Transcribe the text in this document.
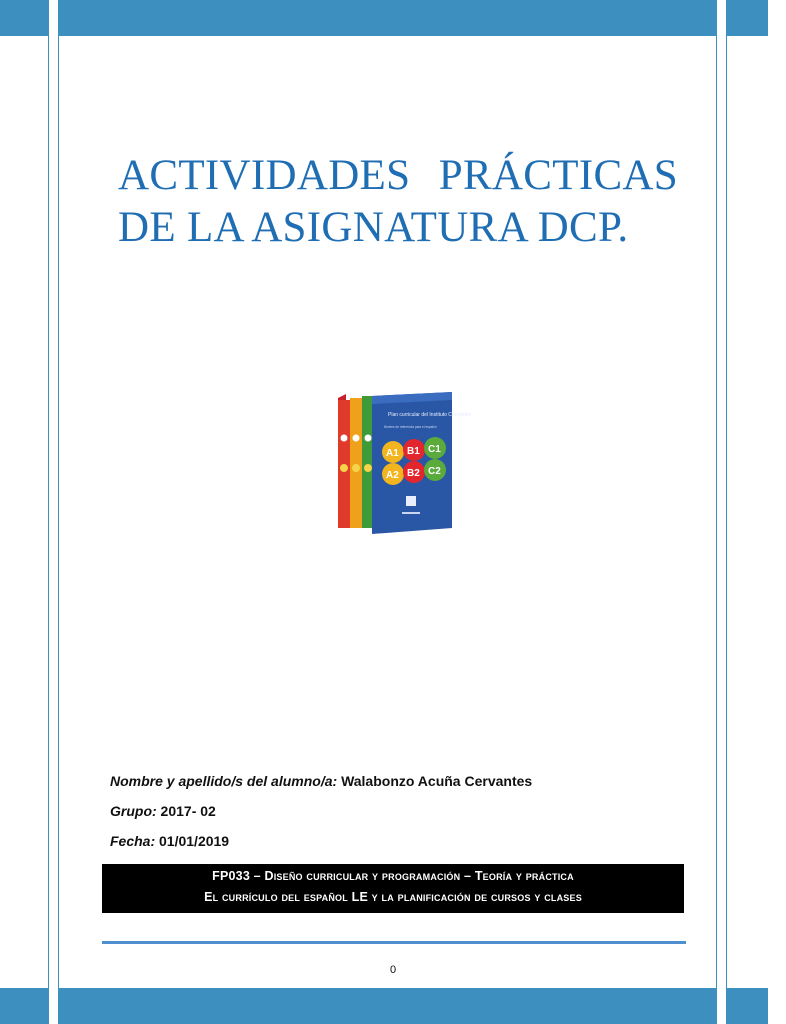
ACTIVIDADES PRÁCTICAS
DE LA ASIGNATURA DCP.
Plan curricular del Instituto Cervantes
Niveles de referencia para el español
A1 B1 C1
A2 B2 C2
Nombre y apellido/s del alumno/a: Walabonzo Acuña Cervantes
Grupo: 2017- 02
Fecha: 01/01/2019
FP033 – Diseño curricular y programación – Teoría y práctica
El currículo del español LE y la planificación de cursos y clases
0
